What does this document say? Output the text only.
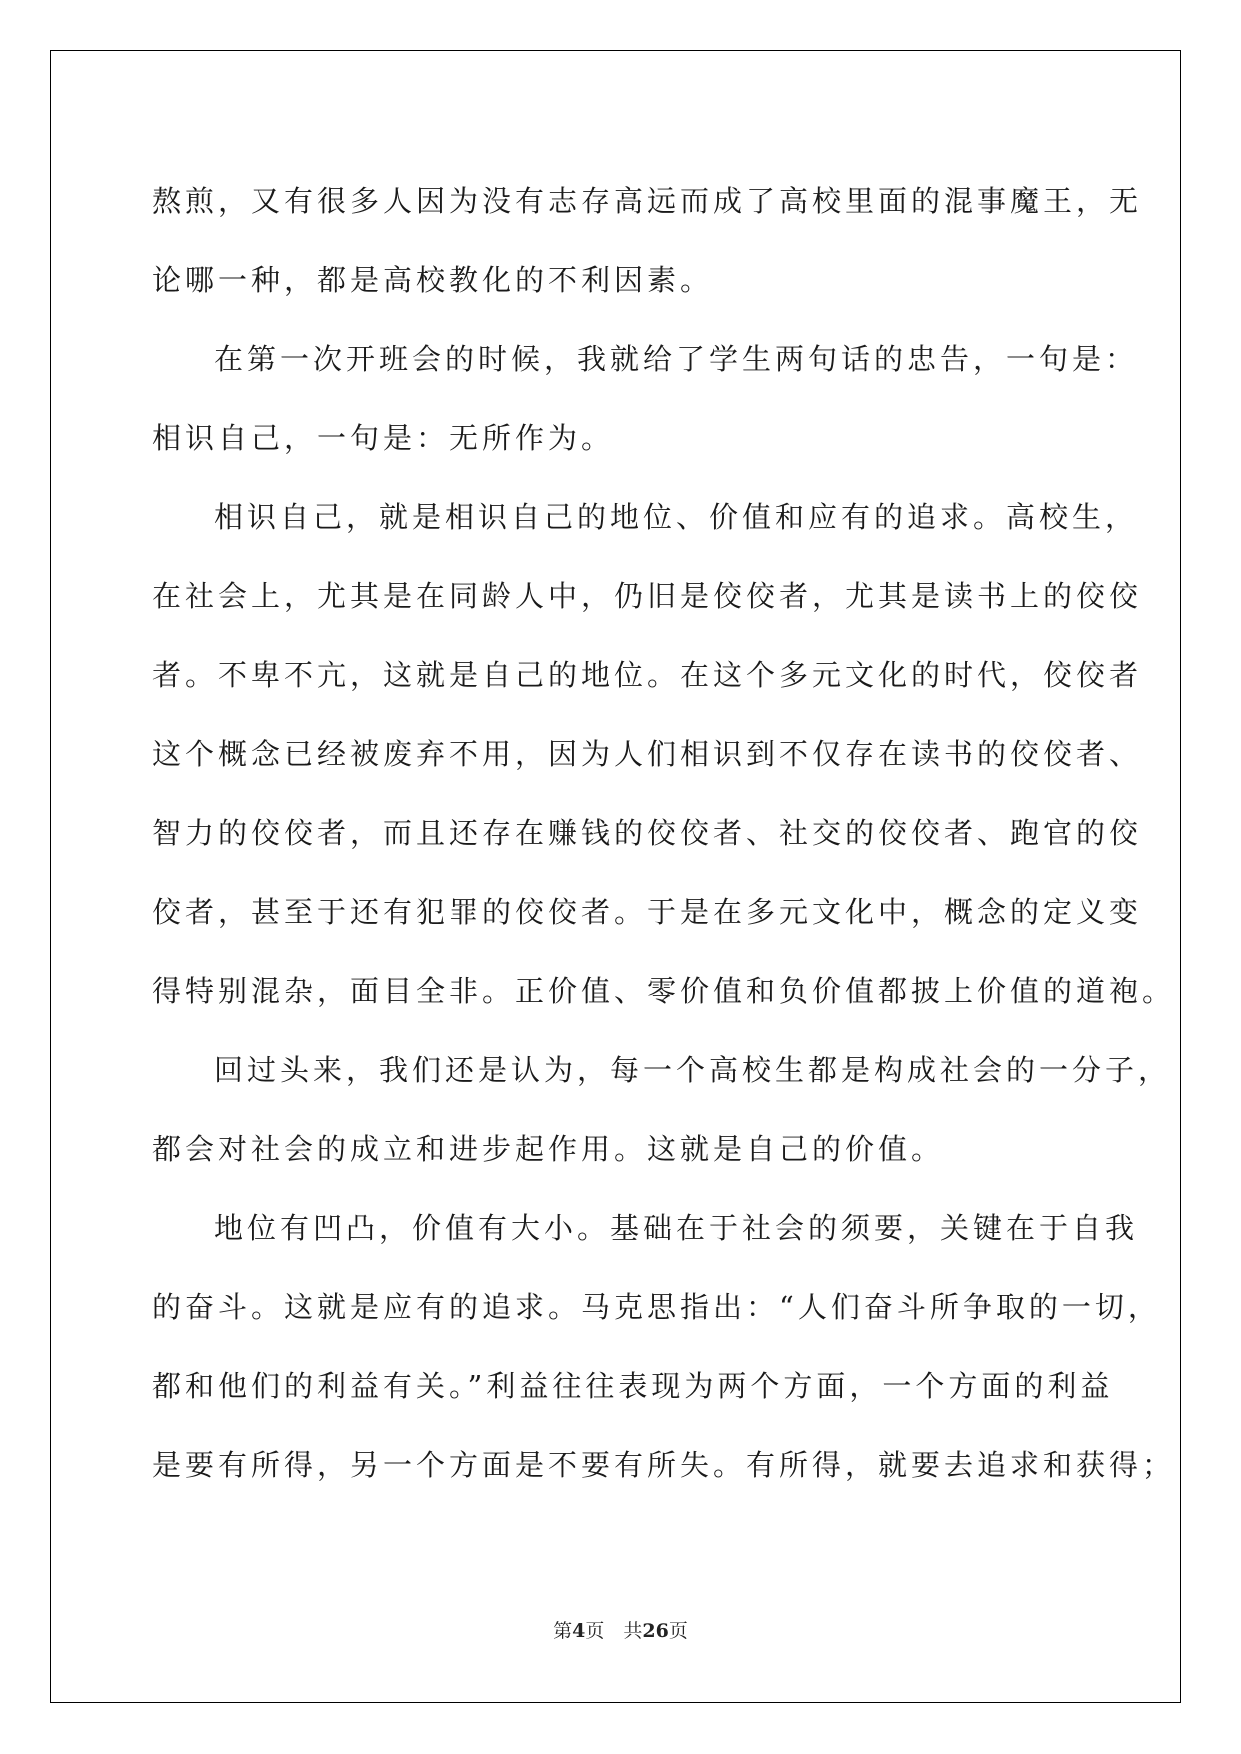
熬煎，又有很多人因为没有志存高远而成了高校里面的混事魔王，无
论哪一种，都是高校教化的不利因素。
在第一次开班会的时候，我就给了学生两句话的忠告，一句是：
相识自己，一句是：无所作为。
相识自己，就是相识自己的地位、价值和应有的追求。高校生，
在社会上，尤其是在同龄人中，仍旧是佼佼者，尤其是读书上的佼佼
者。不卑不亢，这就是自己的地位。在这个多元文化的时代，佼佼者
这个概念已经被废弃不用，因为人们相识到不仅存在读书的佼佼者、
智力的佼佼者，而且还存在赚钱的佼佼者、社交的佼佼者、跑官的佼
佼者，甚至于还有犯罪的佼佼者。于是在多元文化中，概念的定义变
得特别混杂，面目全非。正价值、零价值和负价值都披上价值的道袍。
回过头来，我们还是认为，每一个高校生都是构成社会的一分子，
都会对社会的成立和进步起作用。这就是自己的价值。
地位有凹凸，价值有大小。基础在于社会的须要，关键在于自我
的奋斗。这就是应有的追求。马克思指出：“人们奋斗所争取的一切，
都和他们的利益有关。”利益往往表现为两个方面，一个方面的利益
是要有所得，另一个方面是不要有所失。有所得，就要去追求和获得；
第4页　共26页
